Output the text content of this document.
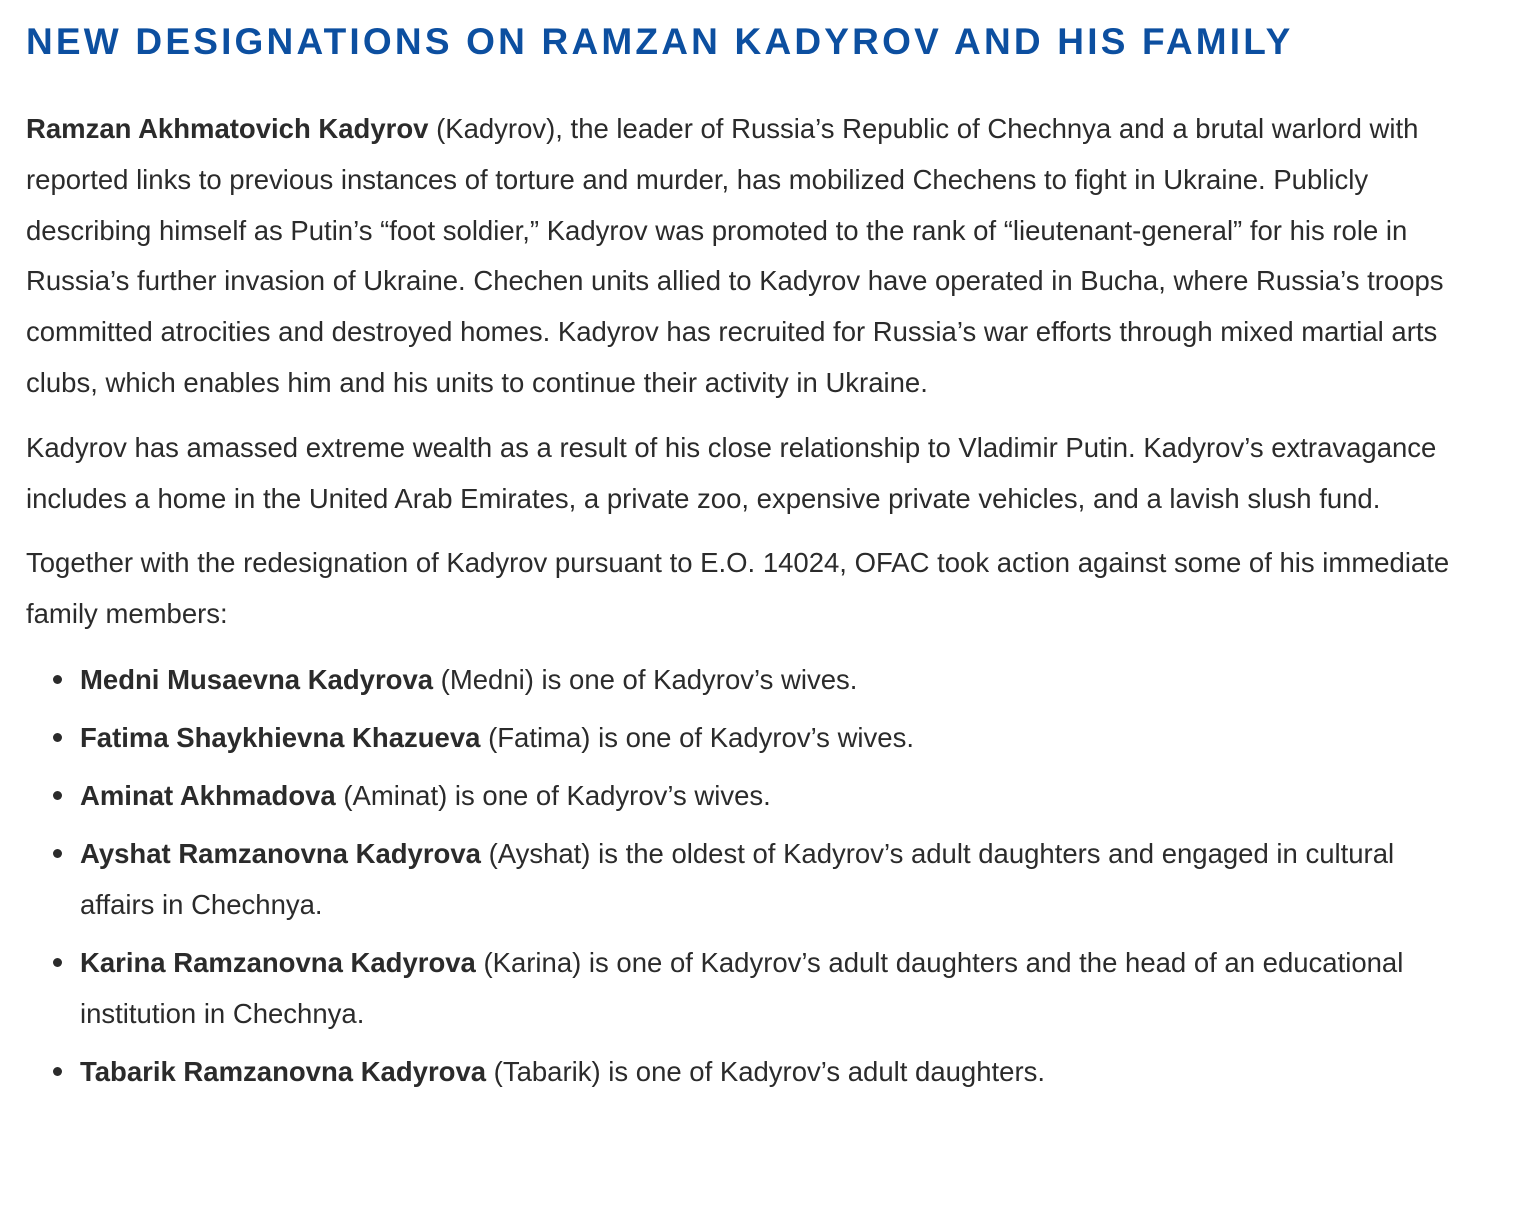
NEW DESIGNATIONS ON RAMZAN KADYROV AND HIS FAMILY

Ramzan Akhmatovich Kadyrov (Kadyrov), the leader of Russia’s Republic of Chechnya and a brutal warlord with reported links to previous instances of torture and murder, has mobilized Chechens to fight in Ukraine. Publicly describing himself as Putin’s “foot soldier,” Kadyrov was promoted to the rank of “lieutenant-general” for his role in Russia’s further invasion of Ukraine. Chechen units allied to Kadyrov have operated in Bucha, where Russia’s troops committed atrocities and destroyed homes. Kadyrov has recruited for Russia’s war efforts through mixed martial arts clubs, which enables him and his units to continue their activity in Ukraine.

Kadyrov has amassed extreme wealth as a result of his close relationship to Vladimir Putin. Kadyrov’s extravagance includes a home in the United Arab Emirates, a private zoo, expensive private vehicles, and a lavish slush fund.

Together with the redesignation of Kadyrov pursuant to E.O. 14024, OFAC took action against some of his immediate family members:

Medni Musaevna Kadyrova (Medni) is one of Kadyrov’s wives.
Fatima Shaykhievna Khazueva (Fatima) is one of Kadyrov’s wives.
Aminat Akhmadova (Aminat) is one of Kadyrov’s wives.
Ayshat Ramzanovna Kadyrova (Ayshat) is the oldest of Kadyrov’s adult daughters and engaged in cultural affairs in Chechnya.
Karina Ramzanovna Kadyrova (Karina) is one of Kadyrov’s adult daughters and the head of an educational institution in Chechnya.
Tabarik Ramzanovna Kadyrova (Tabarik) is one of Kadyrov’s adult daughters.
